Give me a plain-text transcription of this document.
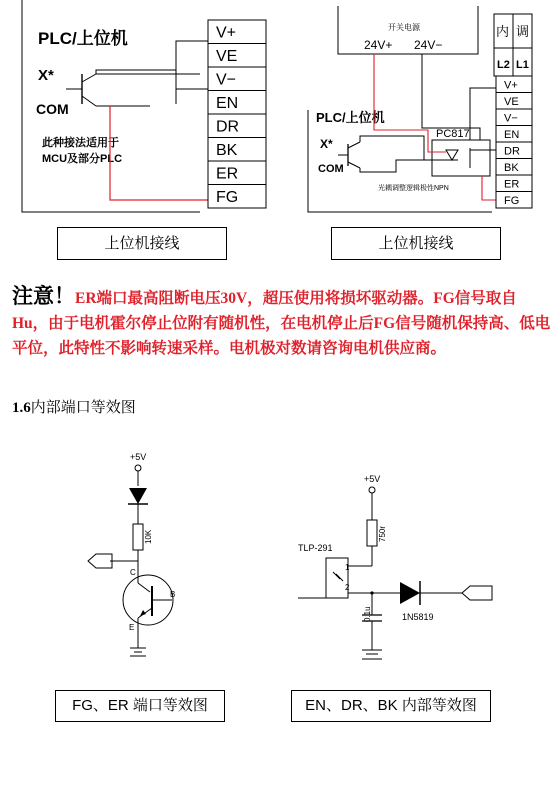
PLC/上位机
X*
COM
此种接法适用于
MCU及部分PLC
V+
VE
V−
EN
DR
BK
ER
FG
开关电源
24V+ 24V−
内 调
L2 L1
PLC/上位机
X*
COM
PC817
光耦调整逻辑极性NPN
V+
VE
V−
EN
DR
BK
ER
FG
上位机接线	上位机接线
注意！ER端口最高阻断电压30V，超压使用将损坏驱动器。FG信号取自Hu，由于电机霍尔停止位附有随机性，在电机停止后FG信号随机保持高、低电平位，此特性不影响转速采样。电机极对数请咨询电机供应商。
1.6内部端口等效图
+5V
10K
C
B
E
+5V
750r
TLP-291
1
2
0.1u	1N5819
FG、ER 端口等效图	EN、DR、BK 内部等效图
